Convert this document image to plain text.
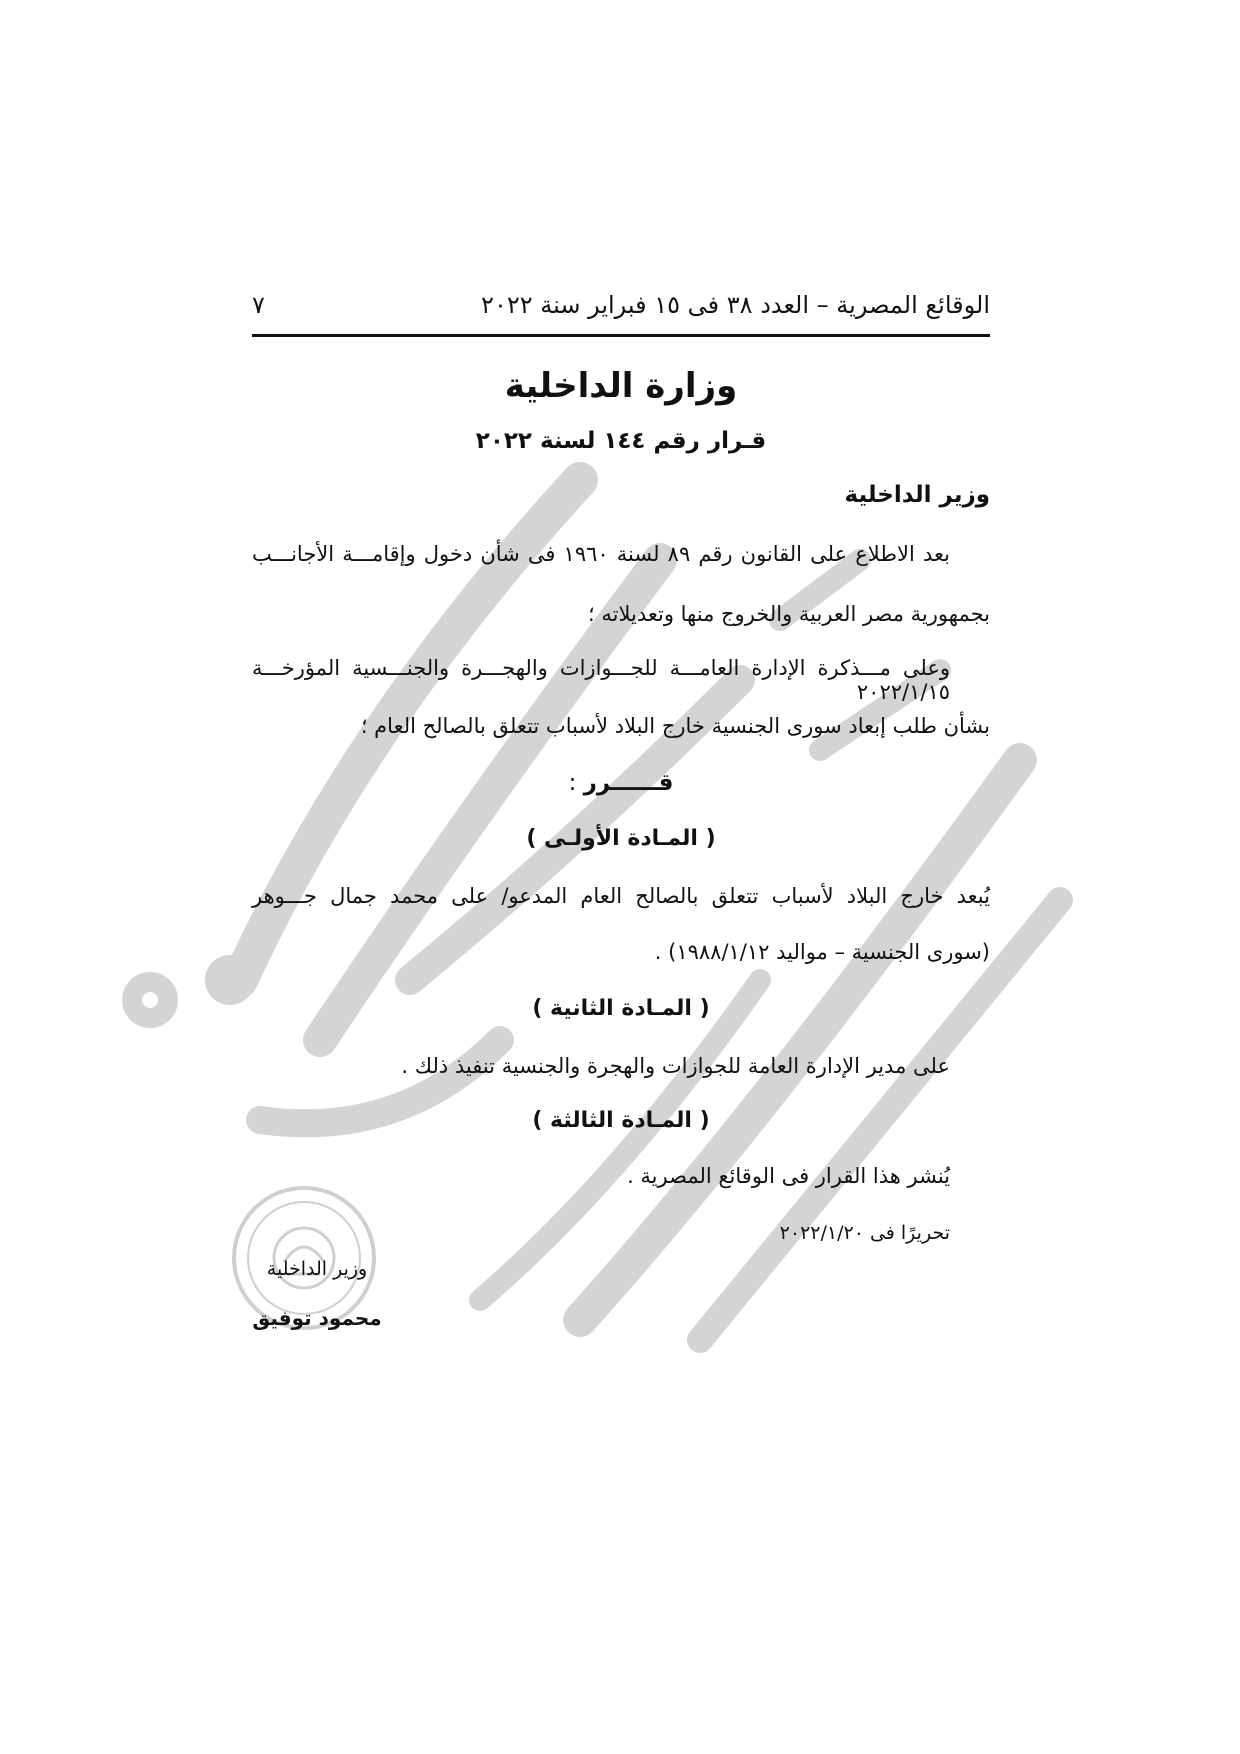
الوقائع المصرية – العدد ٣٨ فى ١٥ فبراير سنة ٢٠٢٢
٧
وزارة الداخلية
قـرار رقم ١٤٤ لسنة ٢٠٢٢
وزير الداخلية
بعد الاطلاع على القانون رقم ٨٩ لسنة ١٩٦٠ فى شأن دخول وإقامـــة الأجانـــب
بجمهورية مصر العربية والخروج منها وتعديلاته ؛
وعلى مـــذكرة الإدارة العامـــة للجـــوازات والهجـــرة والجنـــسية المؤرخـــة ٢٠٢٢/١/١٥
بشأن طلب إبعاد سورى الجنسية خارج البلاد لأسباب تتعلق بالصالح العام ؛
قــــــرر :
( المـادة الأولـى )
يُبعد خارج البلاد لأسباب تتعلق بالصالح العام المدعو/ على محمد جمال جـــوهر
(سورى الجنسية – مواليد ١٩٨٨/١/١٢) .
( المـادة الثانية )
على مدير الإدارة العامة للجوازات والهجرة والجنسية تنفيذ ذلك .
( المـادة الثالثة )
يُنشر هذا القرار فى الوقائع المصرية .
تحريرًا فى ٢٠٢٢/١/٢٠
وزير الداخلية
محمود توفيق
